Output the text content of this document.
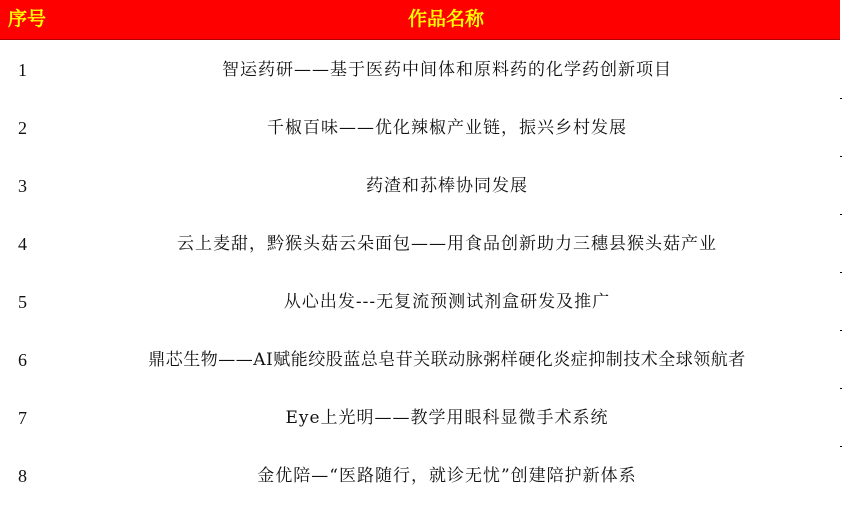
序号	作品名称
1	智运药研——基于医药中间体和原料药的化学药创新项目
2	千椒百味——优化辣椒产业链，振兴乡村发展
3	药渣和荪棒协同发展
4	云上麦甜，黔猴头菇云朵面包——用食品创新助力三穗县猴头菇产业
5	从心出发---无复流预测试剂盒研发及推广
6	鼎芯生物——AI赋能绞股蓝总皂苷关联动脉粥样硬化炎症抑制技术全球领航者
7	Eye上光明——教学用眼科显微手术系统
8	金优陪—“医路随行，就诊无忧”创建陪护新体系
